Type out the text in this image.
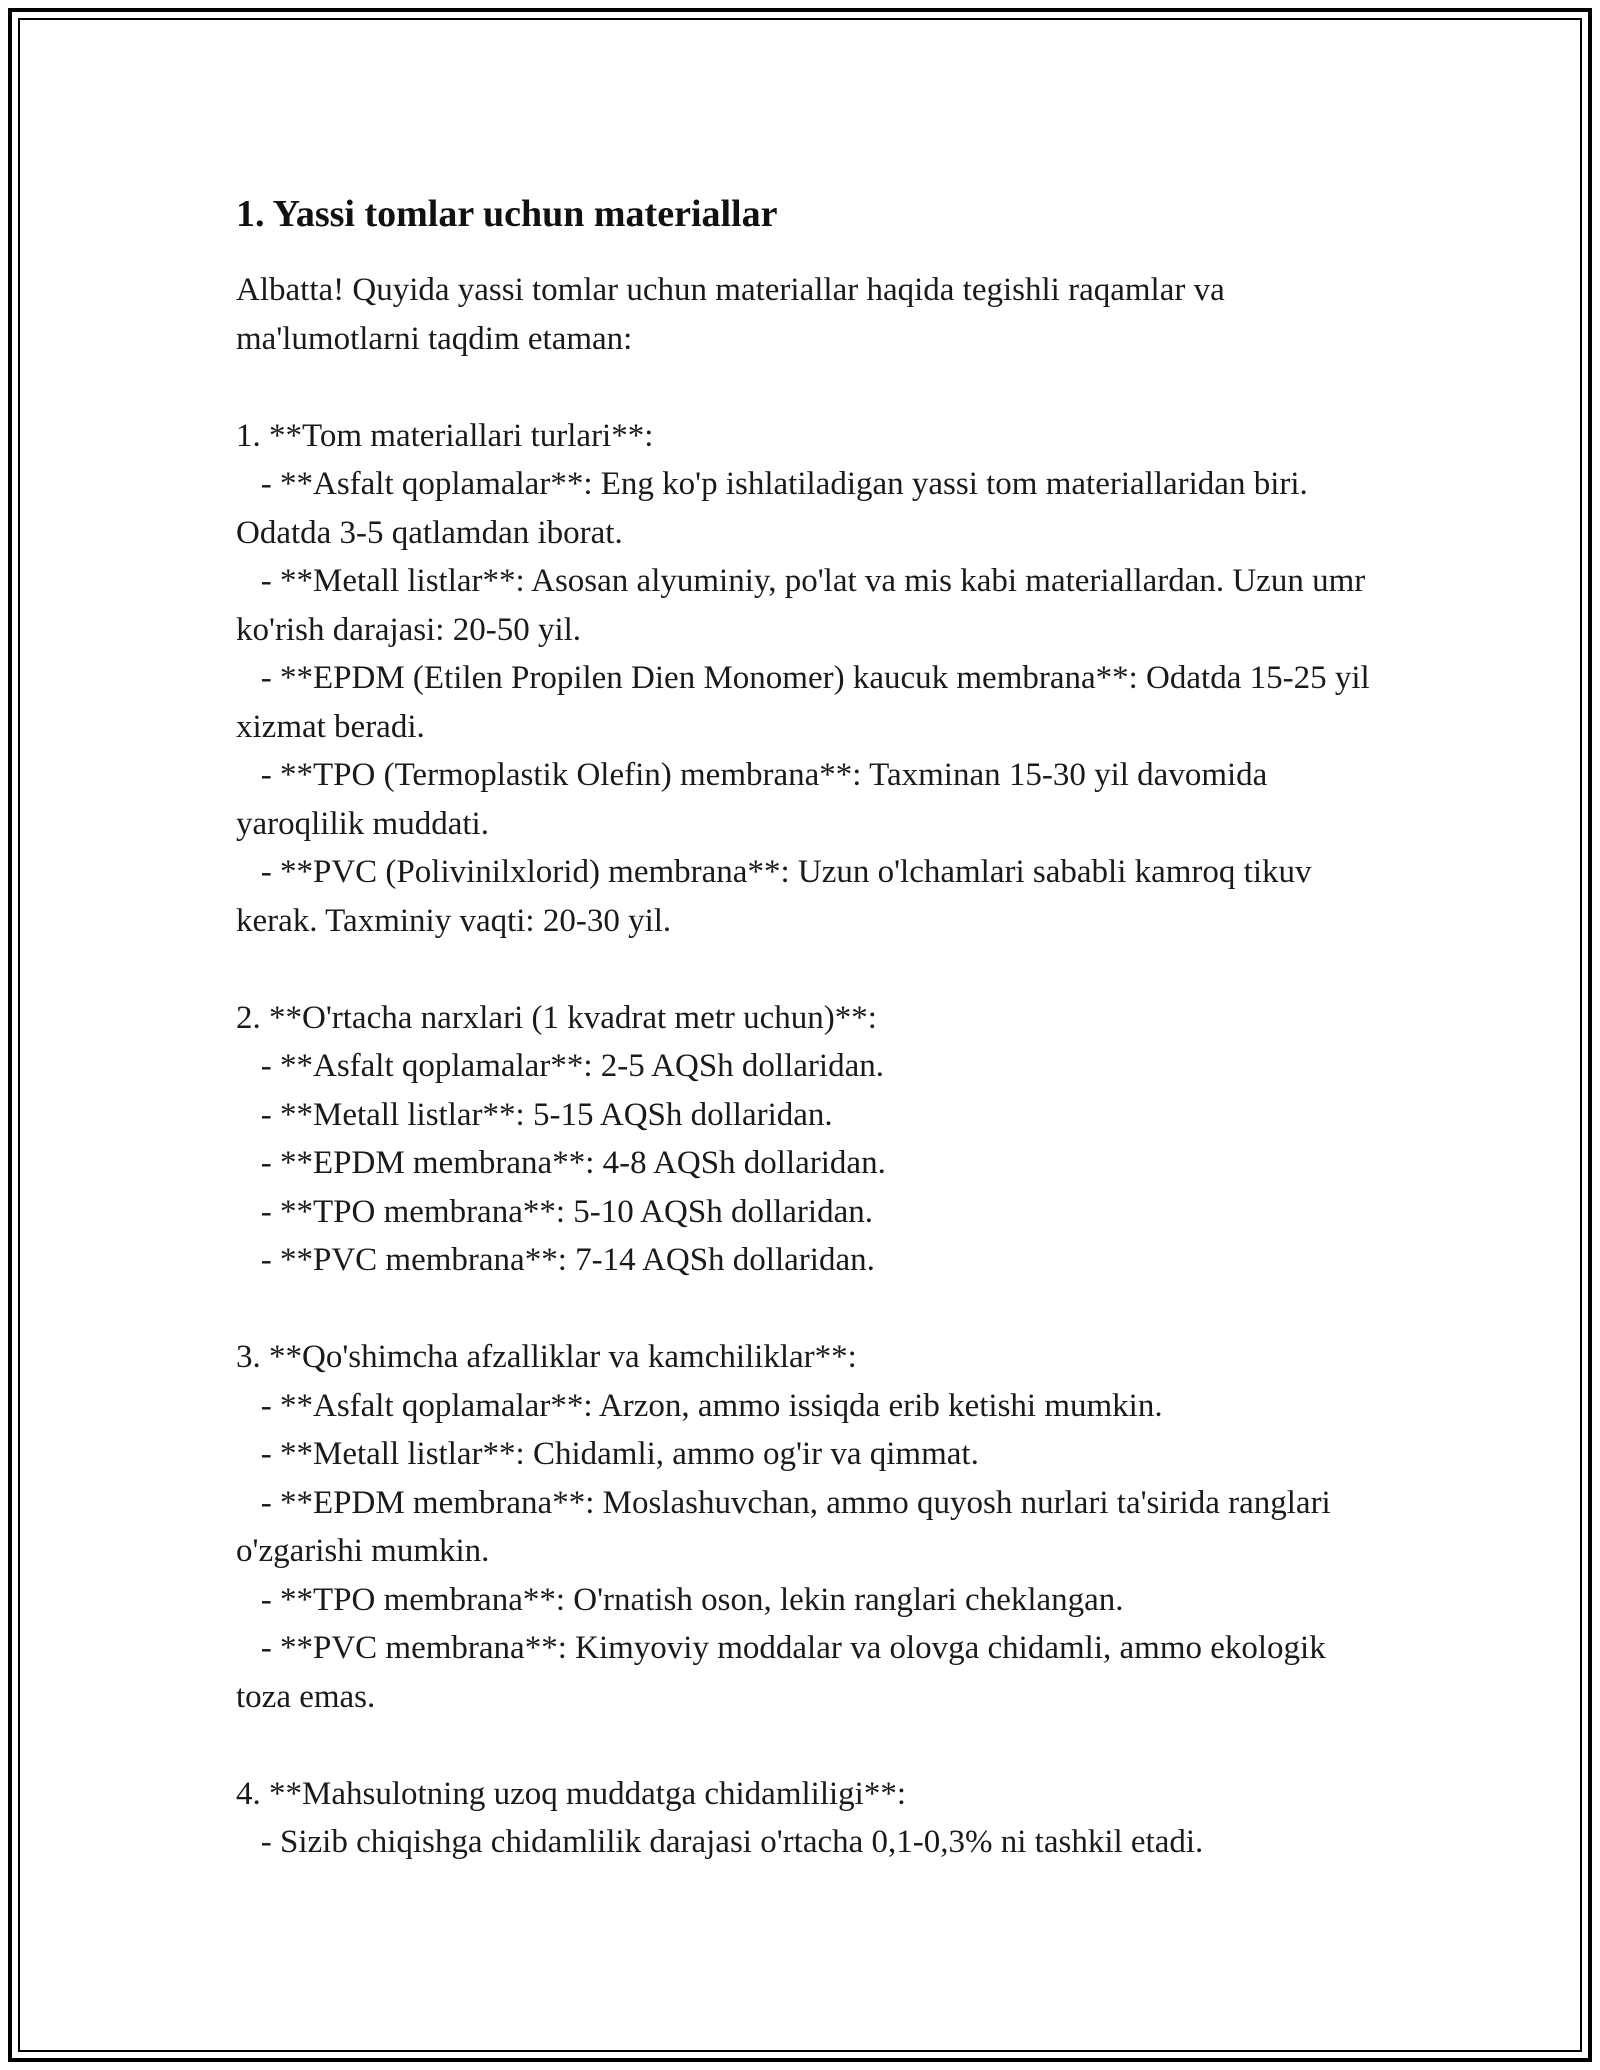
1. Yassi tomlar uchun materiallar

Albatta! Quyida yassi tomlar uchun materiallar haqida tegishli raqamlar va ma'lumotlarni taqdim etaman:

1. **Tom materiallari turlari**:
- **Asfalt qoplamalar**: Eng ko'p ishlatiladigan yassi tom materiallaridan biri. Odatda 3-5 qatlamdan iborat.
- **Metall listlar**: Asosan alyuminiy, po'lat va mis kabi materiallardan. Uzun umr ko'rish darajasi: 20-50 yil.
- **EPDM (Etilen Propilen Dien Monomer) kaucuk membrana**: Odatda 15-25 yil xizmat beradi.
- **TPO (Termoplastik Olefin) membrana**: Taxminan 15-30 yil davomida yaroqlilik muddati.
- **PVC (Polivinilxlorid) membrana**: Uzun o'lchamlari sababli kamroq tikuv kerak. Taxminiy vaqti: 20-30 yil.
2. **O'rtacha narxlari (1 kvadrat metr uchun)**:
- **Asfalt qoplamalar**: 2-5 AQSh dollaridan.
- **Metall listlar**: 5-15 AQSh dollaridan.
- **EPDM membrana**: 4-8 AQSh dollaridan.
- **TPO membrana**: 5-10 AQSh dollaridan.
- **PVC membrana**: 7-14 AQSh dollaridan.
3. **Qo'shimcha afzalliklar va kamchiliklar**:
- **Asfalt qoplamalar**: Arzon, ammo issiqda erib ketishi mumkin.
- **Metall listlar**: Chidamli, ammo og'ir va qimmat.
- **EPDM membrana**: Moslashuvchan, ammo quyosh nurlari ta'sirida ranglari o'zgarishi mumkin.
- **TPO membrana**: O'rnatish oson, lekin ranglari cheklangan.
- **PVC membrana**: Kimyoviy moddalar va olovga chidamli, ammo ekologik toza emas.
4. **Mahsulotning uzoq muddatga chidamliligi**:
- Sizib chiqishga chidamlilik darajasi o'rtacha 0,1-0,3% ni tashkil etadi.
